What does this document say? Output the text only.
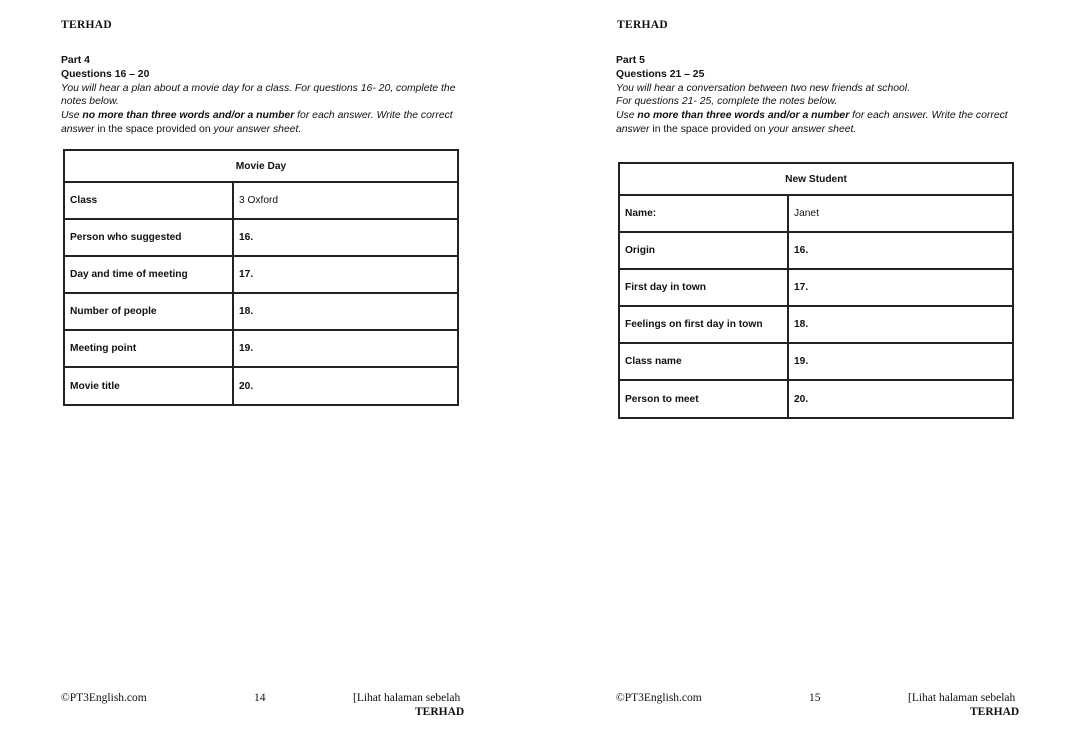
TERHAD
Part 4
Questions 16 – 20
You will hear a plan about a movie day for a class. For questions 16- 20, complete the
notes below.
Use no more than three words and/or a number for each answer. Write the correct
answer in the space provided on your answer sheet.
Movie Day	
Class	3 Oxford
Person who suggested	16.
Day and time of meeting	17.
Number of people	18.
Meeting point	19.
Movie title	20.
©PT3English.com	14	[Lihat halaman sebelah
TERHAD
TERHAD
Part 5
Questions 21 – 25
You will hear a conversation between two new friends at school.
For questions 21- 25, complete the notes below.
Use no more than three words and/or a number for each answer. Write the correct
answer in the space provided on your answer sheet.
New Student	
Name:	Janet
Origin	16.
First day in town	17.
Feelings on first day in town	18.
Class name	19.
Person to meet	20.
©PT3English.com	15	[Lihat halaman sebelah
TERHAD
